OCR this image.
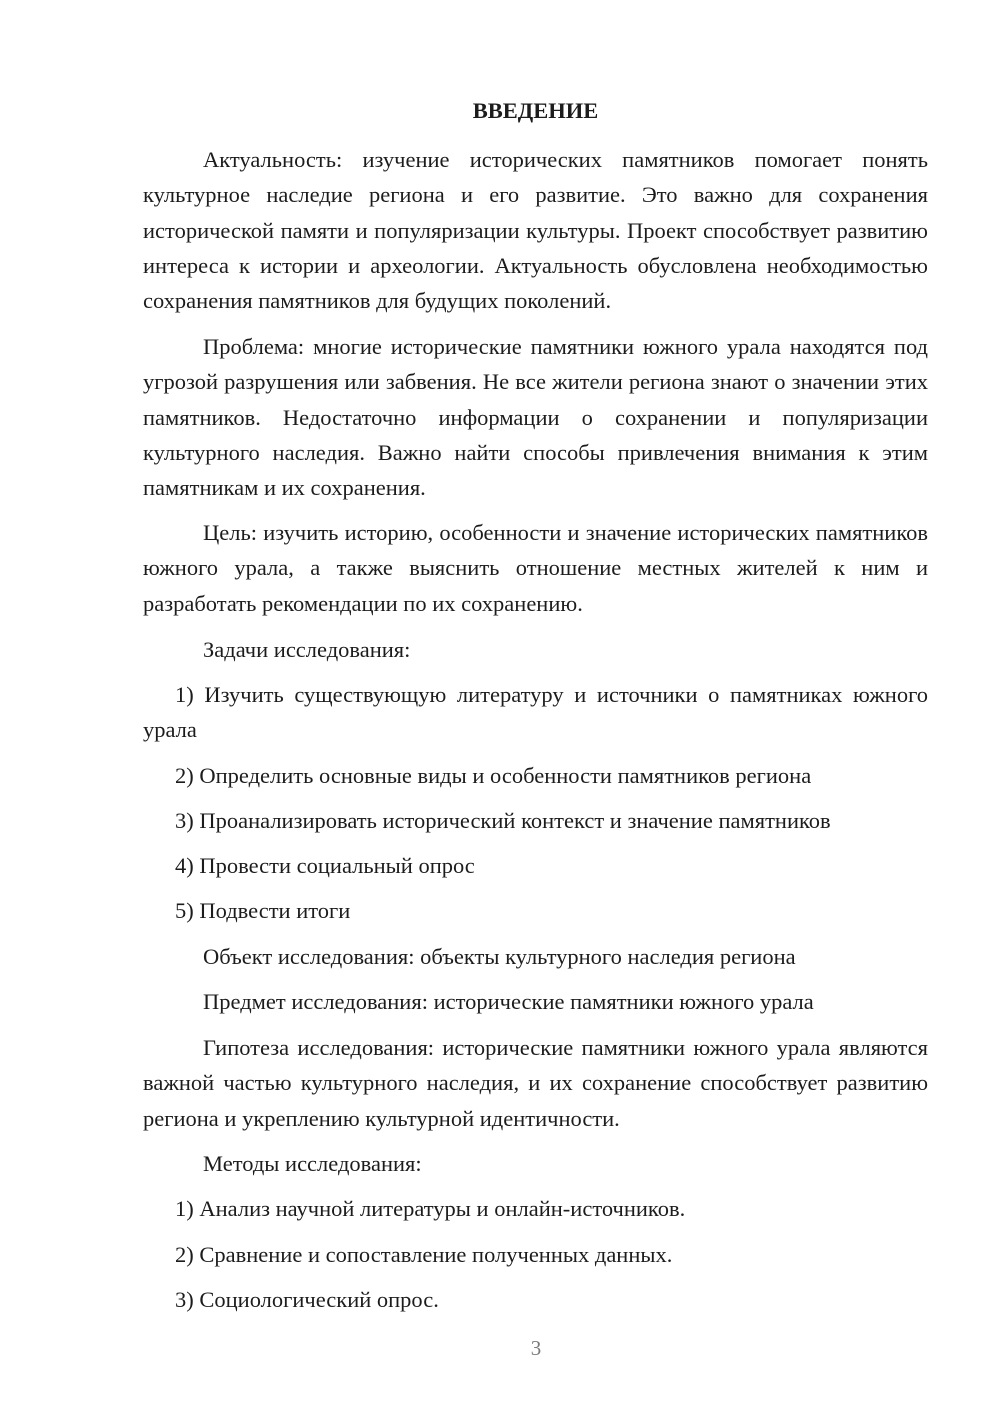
ВВЕДЕНИЕ

Актуальность: изучение исторических памятников помогает понять культурное наследие региона и его развитие. Это важно для сохранения исторической памяти и популяризации культуры. Проект способствует развитию интереса к истории и археологии. Актуальность обусловлена необходимостью сохранения памятников для будущих поколений.

Проблема: многие исторические памятники южного урала находятся под угрозой разрушения или забвения. Не все жители региона знают о значении этих памятников. Недостаточно информации о сохранении и популяризации культурного наследия. Важно найти способы привлечения внимания к этим памятникам и их сохранения.

Цель: изучить историю, особенности и значение исторических памятников южного урала, а также выяснить отношение местных жителей к ним и разработать рекомендации по их сохранению.

Задачи исследования:

1) Изучить существующую литературу и источники о памятниках южного урала

2) Определить основные виды и особенности памятников региона

3) Проанализировать исторический контекст и значение памятников

4) Провести социальный опрос

5) Подвести итоги

Объект исследования: объекты культурного наследия региона

Предмет исследования: исторические памятники южного урала

Гипотеза исследования: исторические памятники южного урала являются важной частью культурного наследия, и их сохранение способствует развитию региона и укреплению культурной идентичности.

Методы исследования:

1) Анализ научной литературы и онлайн-источников.

2) Сравнение и сопоставление полученных данных.

3) Социологический опрос.

3
